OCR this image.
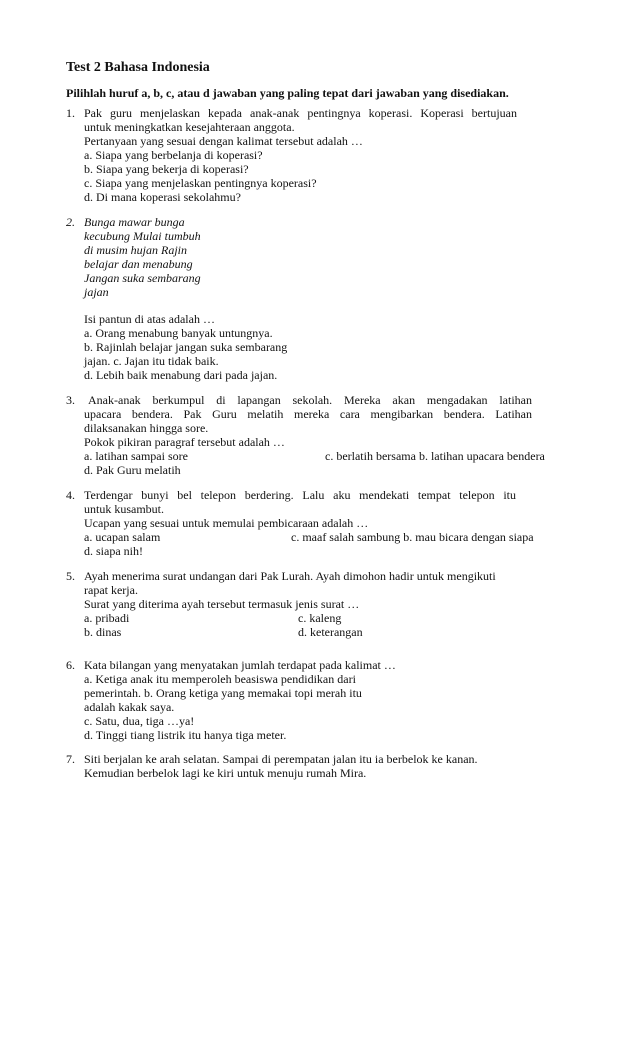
Test 2 Bahasa Indonesia
Pilihlah huruf a, b, c, atau d jawaban yang paling tepat dari jawaban yang disediakan.
1. Pak guru menjelaskan kepada anak-anak pentingnya koperasi. Koperasi bertujuan
untuk meningkatkan kesejahteraan anggota.
Pertanyaan yang sesuai dengan kalimat tersebut adalah …
a. Siapa yang berbelanja di koperasi?
b. Siapa yang bekerja di koperasi?
c. Siapa yang menjelaskan pentingnya koperasi?
d. Di mana koperasi sekolahmu?
2. Bunga mawar bunga
kecubung Mulai tumbuh
di musim hujan Rajin
belajar dan menabung
Jangan suka sembarang
jajan
Isi pantun di atas adalah …
a. Orang menabung banyak untungnya.
b. Rajinlah belajar jangan suka sembarang
jajan. c. Jajan itu tidak baik.
d. Lebih baik menabung dari pada jajan.
3. Anak-anak berkumpul di lapangan sekolah. Mereka akan mengadakan latihan
upacara bendera. Pak Guru melatih mereka cara mengibarkan bendera. Latihan
dilaksanakan hingga sore.
Pokok pikiran paragraf tersebut adalah …
a. latihan sampai sore	c. berlatih bersama b. latihan upacara bendera
d. Pak Guru melatih
4. Terdengar bunyi bel telepon berdering. Lalu aku mendekati tempat telepon itu
untuk kusambut.
Ucapan yang sesuai untuk memulai pembicaraan adalah …
a. ucapan salam	c. maaf salah sambung b. mau bicara dengan siapa
d. siapa nih!
5. Ayah menerima surat undangan dari Pak Lurah. Ayah dimohon hadir untuk mengikuti
rapat kerja.
Surat yang diterima ayah tersebut termasuk jenis surat …
a. pribadi	c. kaleng
b. dinas	d. keterangan
6. Kata bilangan yang menyatakan jumlah terdapat pada kalimat …
a. Ketiga anak itu memperoleh beasiswa pendidikan dari
pemerintah. b. Orang ketiga yang memakai topi merah itu
adalah kakak saya.
c. Satu, dua, tiga …ya!
d. Tinggi tiang listrik itu hanya tiga meter.
7. Siti berjalan ke arah selatan. Sampai di perempatan jalan itu ia berbelok ke kanan.
Kemudian berbelok lagi ke kiri untuk menuju rumah Mira.
